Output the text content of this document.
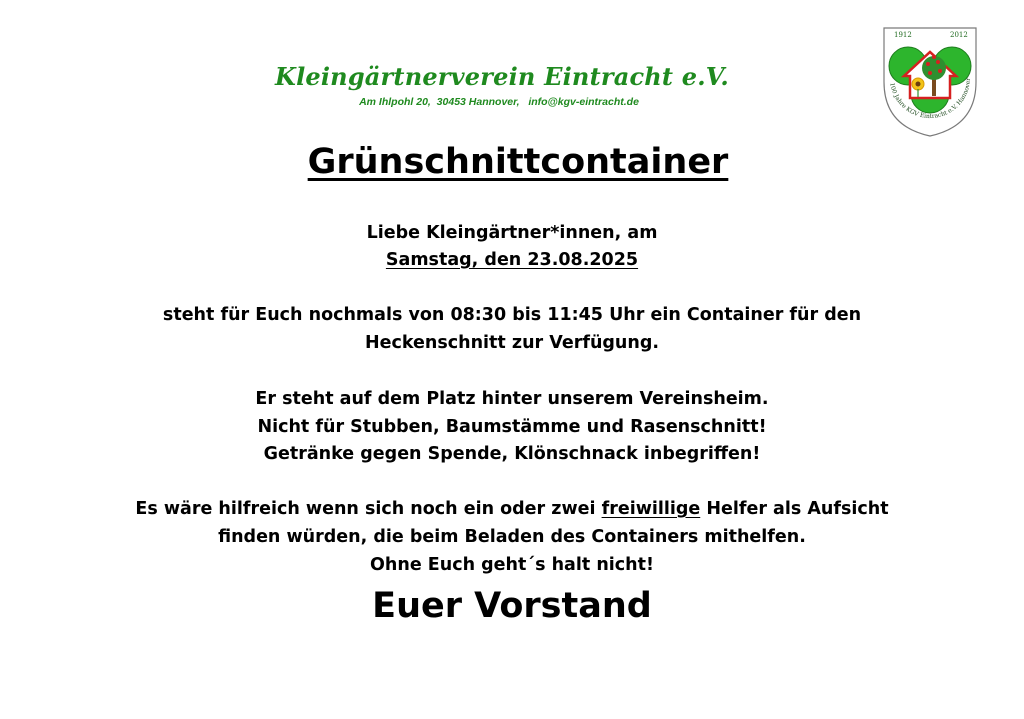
Kleingärtnerverein Eintracht e.V.
Am Ihlpohl 20,  30453 Hannover,   info@kgv-eintracht.de
1912	2012
100 Jahre KGV Eintracht e.V. Hannover
Grünschnittcontainer
Liebe Kleingärtner*innen, am
Samstag, den 23.08.2025
steht für Euch nochmals von 08:30 bis 11:45 Uhr ein Container für den
Heckenschnitt zur Verfügung.
Er steht auf dem Platz hinter unserem Vereinsheim.
Nicht für Stubben, Baumstämme und Rasenschnitt!
Getränke gegen Spende, Klönschnack inbegriffen!
Es wäre hilfreich wenn sich noch ein oder zwei freiwillige Helfer als Aufsicht
finden würden, die beim Beladen des Containers mithelfen.
Ohne Euch geht´s halt nicht!
Euer Vorstand
